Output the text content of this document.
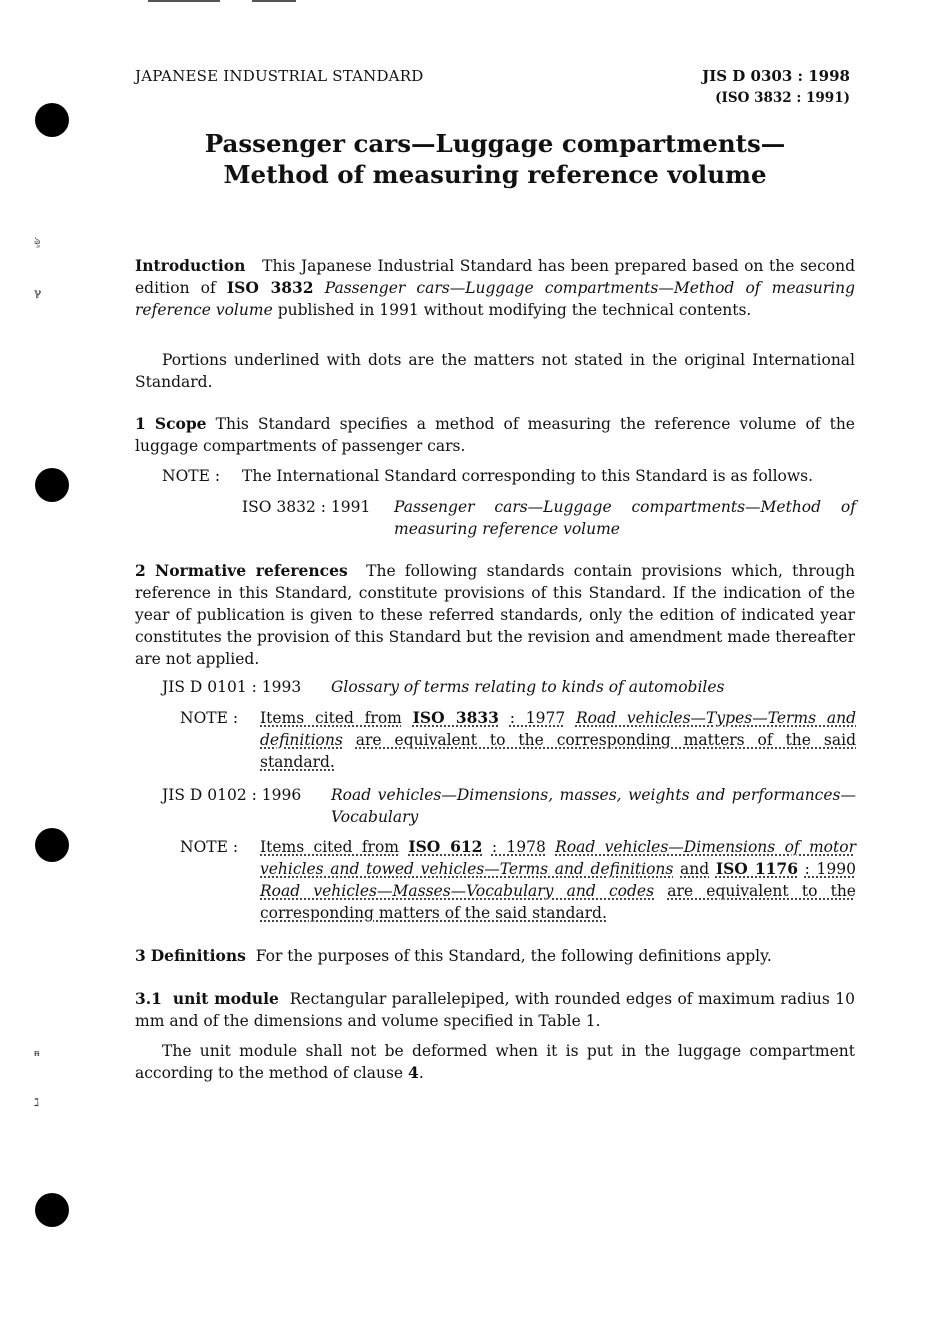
ৡ
ℽ
ᵰ
ℷ
JAPANESE INDUSTRIAL STANDARD	JIS D 0303 : 1998
(ISO 3832 : 1991)
Passenger cars—Luggage compartments—
Method of measuring reference volume
Introduction This Japanese Industrial Standard has been prepared based on the second edition of ISO 3832 Passenger cars—Luggage compartments—Method of measuring reference volume published in 1991 without modifying the technical contents.
Portions underlined with dots are the matters not stated in the original International Standard.
1 Scope This Standard specifies a method of measuring the reference volume of the luggage compartments of passenger cars.
NOTE : The International Standard corresponding to this Standard is as follows.
ISO 3832 : 1991 Passenger cars—Luggage compartments—Method of measuring reference volume
2 Normative references The following standards contain provisions which, through reference in this Standard, constitute provisions of this Standard. If the indication of the year of publication is given to these referred standards, only the edition of indicated year constitutes the provision of this Standard but the revision and amendment made thereafter are not applied.
JIS D 0101 : 1993 Glossary of terms relating to kinds of automobiles
NOTE : Items cited from ISO 3833 : 1977 Road vehicles—Types—Terms and definitions are equivalent to the corresponding matters of the said standard.
JIS D 0102 : 1996 Road vehicles—Dimensions, masses, weights and performances—Vocabulary
NOTE : Items cited from ISO 612 : 1978 Road vehicles—Dimensions of motor vehicles and towed vehicles—Terms and definitions and ISO 1176 : 1990 Road vehicles—Masses—Vocabulary and codes are equivalent to the corresponding matters of the said standard.
3 Definitions For the purposes of this Standard, the following definitions apply.
3.1 unit module Rectangular parallelepiped, with rounded edges of maximum radius 10 mm and of the dimensions and volume specified in Table 1.
The unit module shall not be deformed when it is put in the luggage compartment according to the method of clause 4.
